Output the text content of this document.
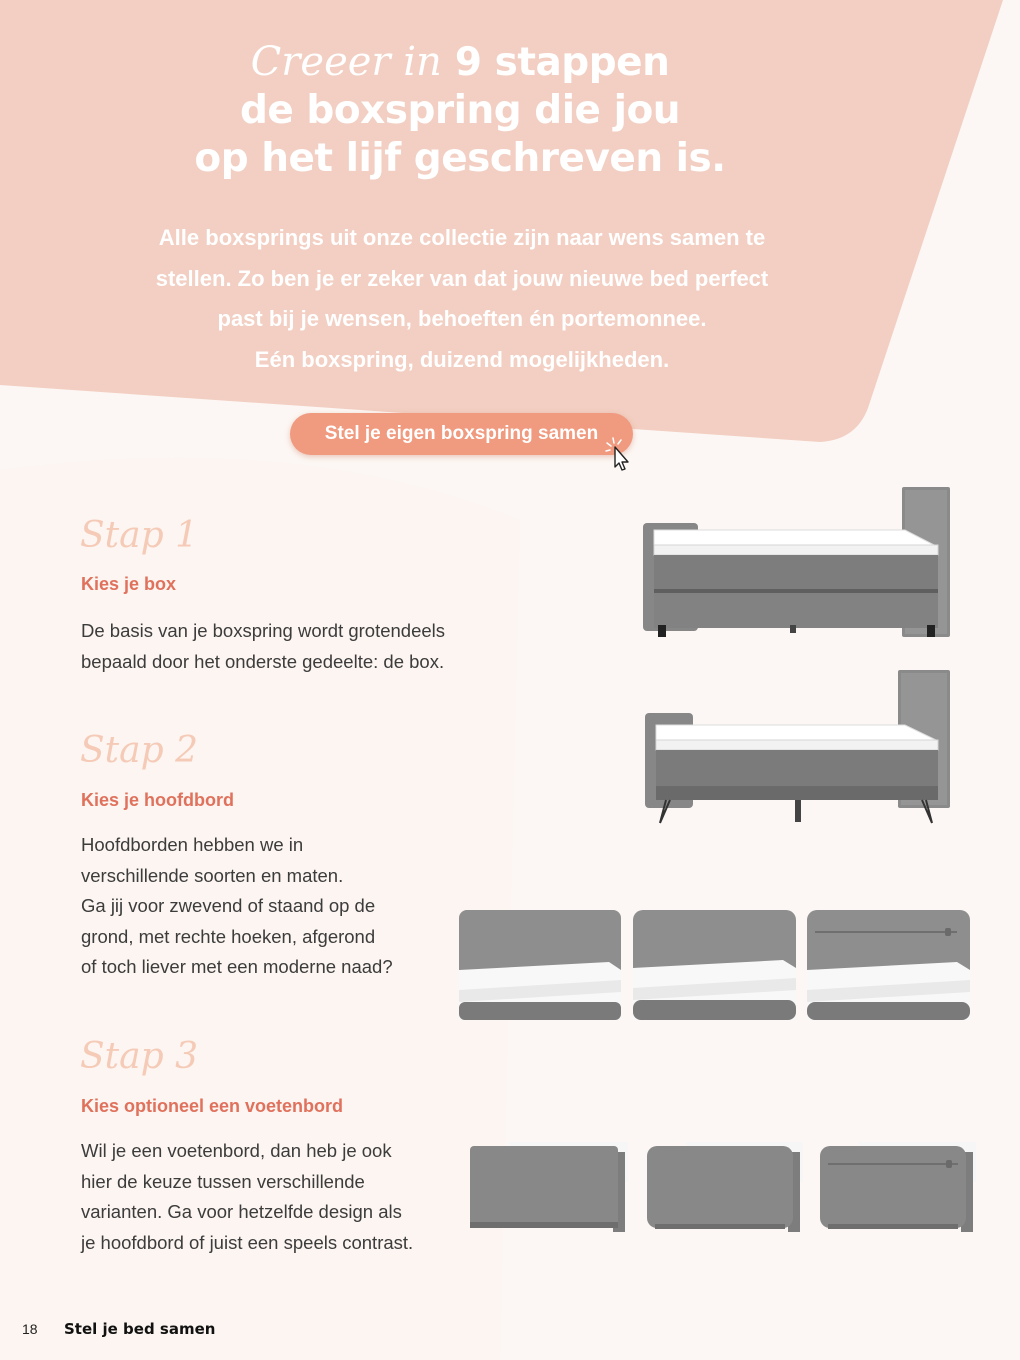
Creeer in 9 stappen
de boxspring die jou
op het lijf geschreven is.
Alle boxsprings uit onze collectie zijn naar wens samen te
stellen. Zo ben je er zeker van dat jouw nieuwe bed perfect
past bij je wensen, behoeften én portemonnee.
Eén boxspring, duizend mogelijkheden.
Stel je eigen boxspring samen
Stap 1
Kies je box
De basis van je boxspring wordt grotendeels
bepaald door het onderste gedeelte: de box.
Stap 2
Kies je hoofdbord
Hoofdborden hebben we in
verschillende soorten en maten.
Ga jij voor zwevend of staand op de
grond, met rechte hoeken, afgerond
of toch liever met een moderne naad?
Stap 3
Kies optioneel een voetenbord
Wil je een voetenbord, dan heb je ook
hier de keuze tussen verschillende
varianten. Ga voor hetzelfde design als
je hoofdbord of juist een speels contrast.
18 Stel je bed samen
